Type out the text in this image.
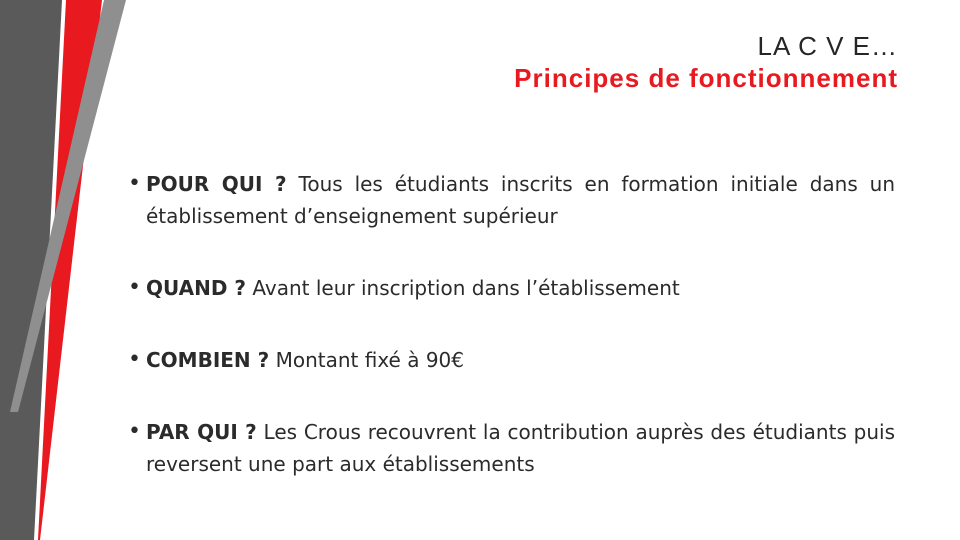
LA C V E…
Principes de fonctionnement
• POUR QUI ? Tous les étudiants inscrits en formation initiale dans un établissement d’enseignement supérieur
• QUAND ? Avant leur inscription dans l’établissement
• COMBIEN ? Montant fixé à 90€
• PAR QUI ? Les Crous recouvrent la contribution auprès des étudiants puis reversent une part aux établissements
